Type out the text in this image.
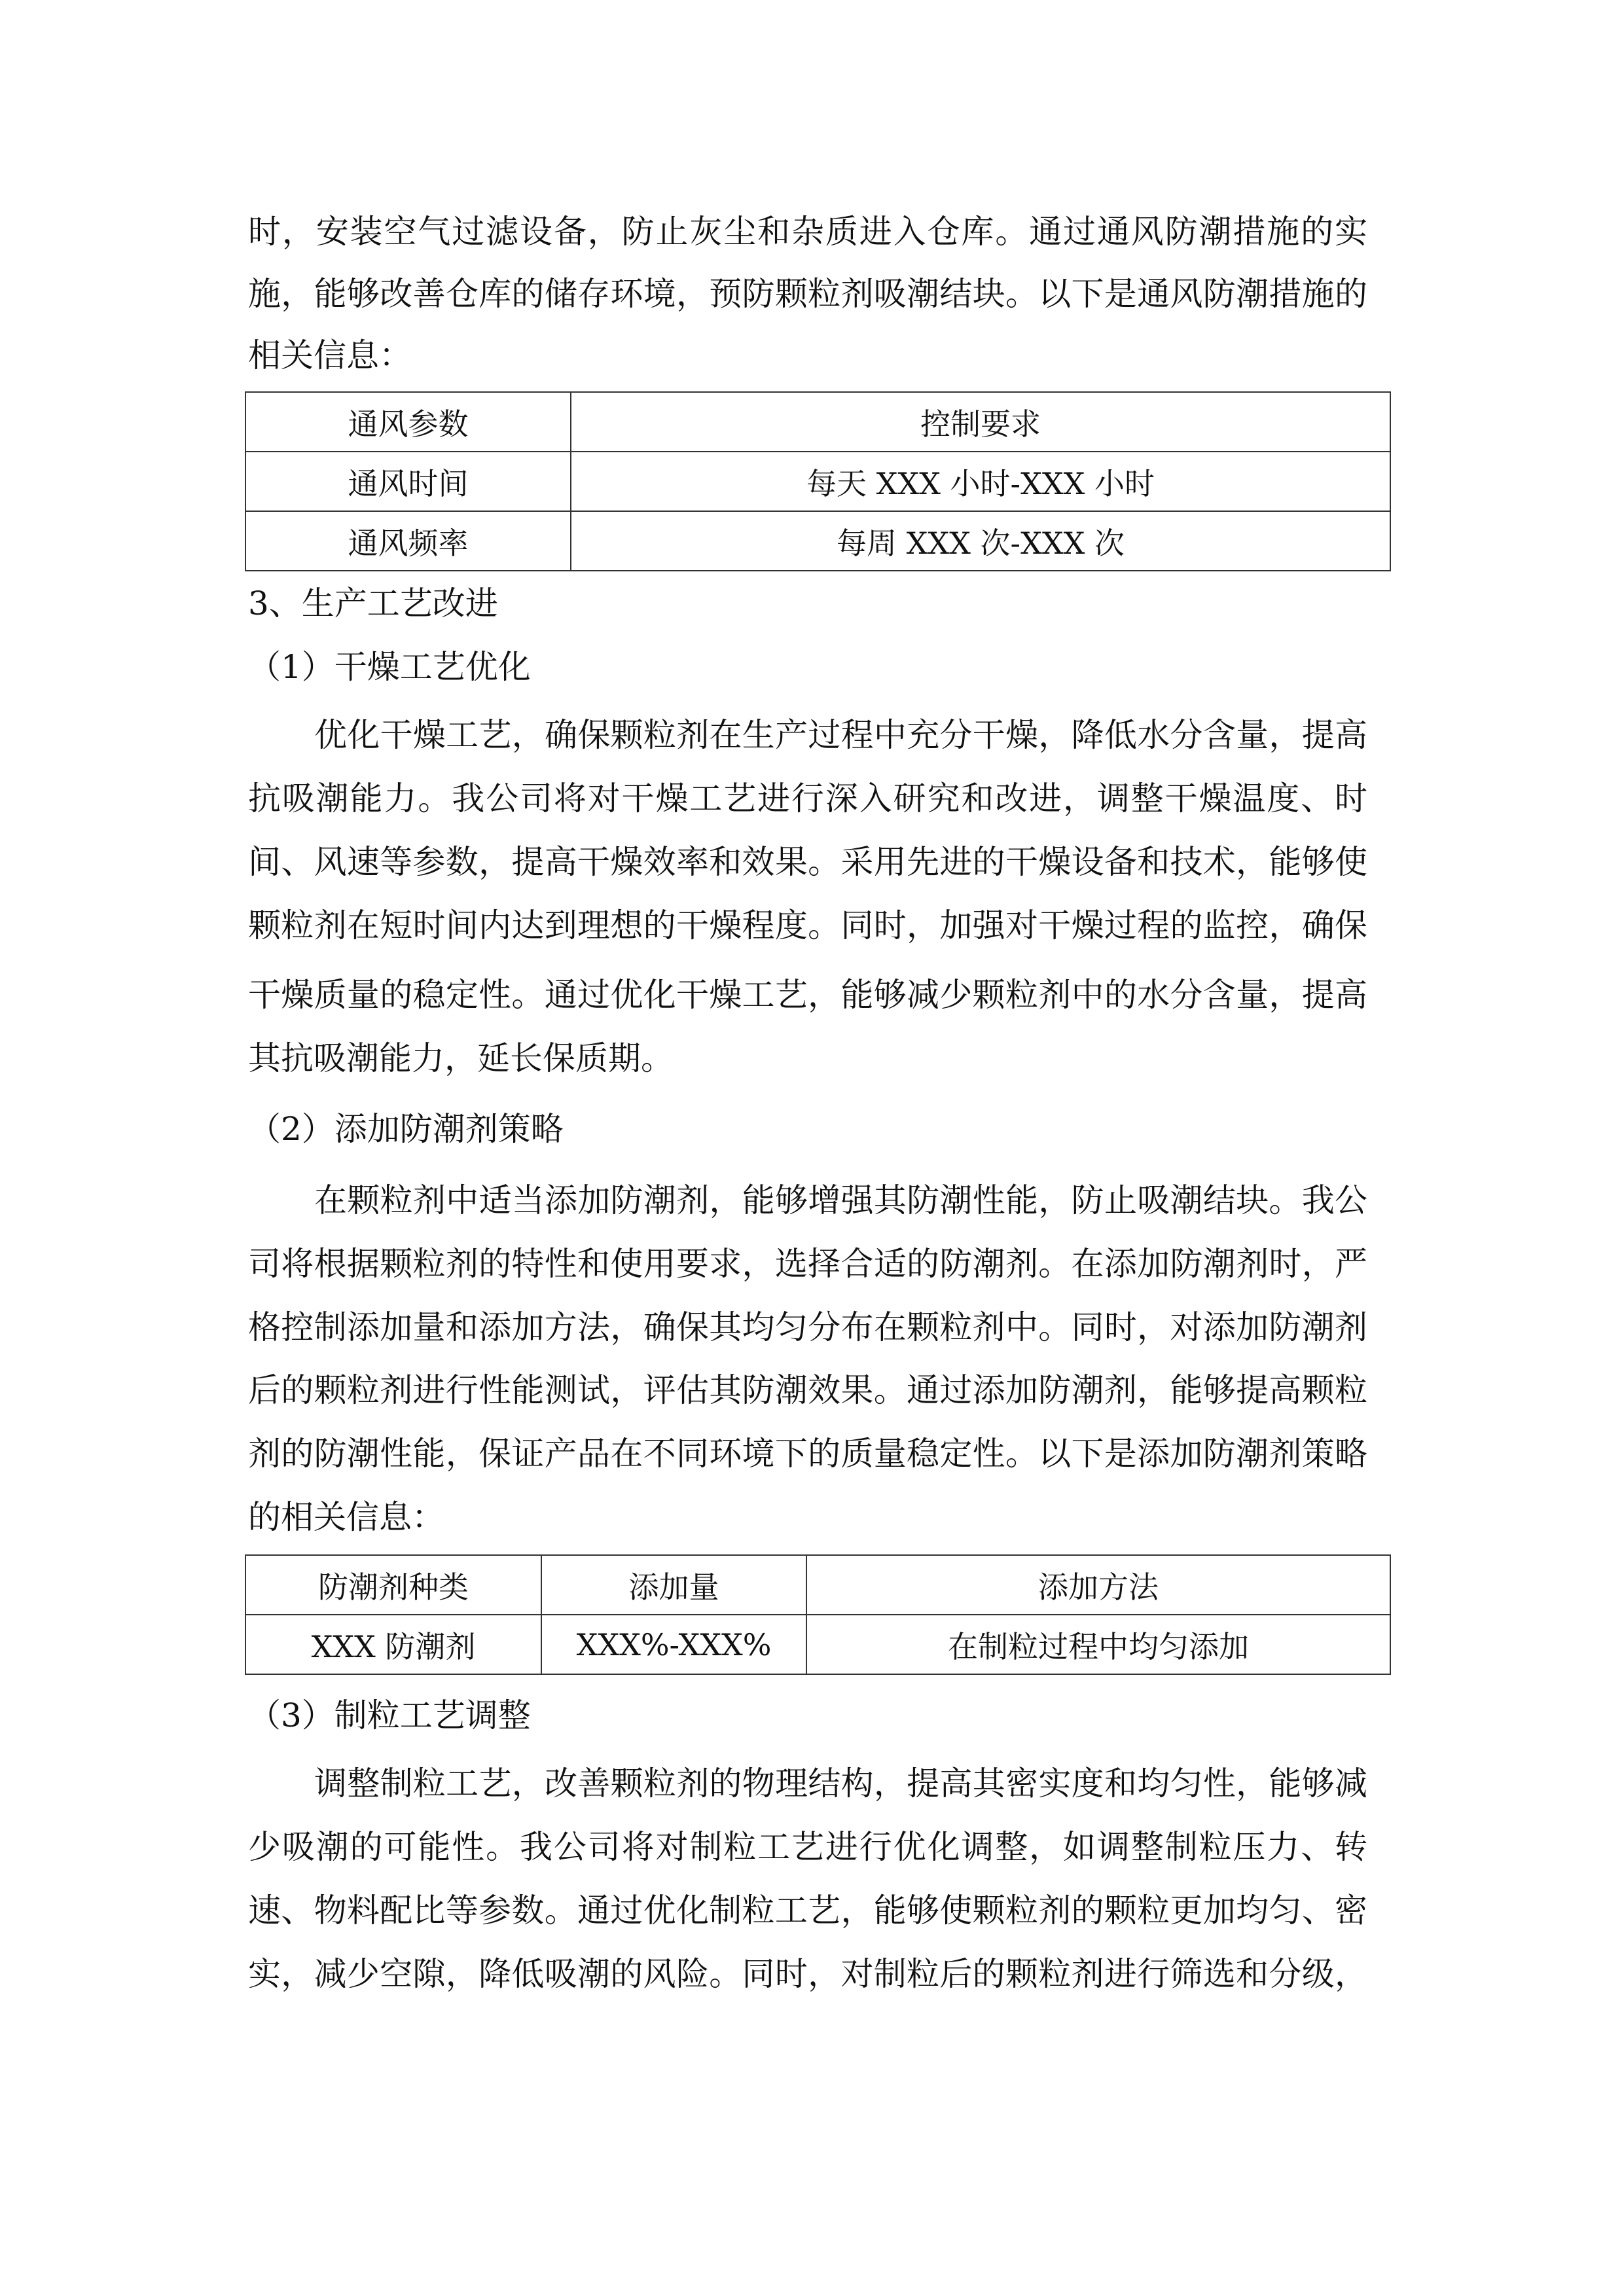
时，安装空气过滤设备，防止灰尘和杂质进入仓库。通过通风防潮措施的实
施，能够改善仓库的储存环境，预防颗粒剂吸潮结块。以下是通风防潮措施的
相关信息：
3、生产工艺改进
（1）干燥工艺优化
优化干燥工艺，确保颗粒剂在生产过程中充分干燥，降低水分含量，提高
抗吸潮能力。我公司将对干燥工艺进行深入研究和改进，调整干燥温度、时
间、风速等参数，提高干燥效率和效果。采用先进的干燥设备和技术，能够使
颗粒剂在短时间内达到理想的干燥程度。同时，加强对干燥过程的监控，确保
干燥质量的稳定性。通过优化干燥工艺，能够减少颗粒剂中的水分含量，提高
其抗吸潮能力，延长保质期。
（2）添加防潮剂策略
在颗粒剂中适当添加防潮剂，能够增强其防潮性能，防止吸潮结块。我公
司将根据颗粒剂的特性和使用要求，选择合适的防潮剂。在添加防潮剂时，严
格控制添加量和添加方法，确保其均匀分布在颗粒剂中。同时，对添加防潮剂
后的颗粒剂进行性能测试，评估其防潮效果。通过添加防潮剂，能够提高颗粒
剂的防潮性能，保证产品在不同环境下的质量稳定性。以下是添加防潮剂策略
的相关信息：
（3）制粒工艺调整
调整制粒工艺，改善颗粒剂的物理结构，提高其密实度和均匀性，能够减
少吸潮的可能性。我公司将对制粒工艺进行优化调整，如调整制粒压力、转
速、物料配比等参数。通过优化制粒工艺，能够使颗粒剂的颗粒更加均匀、密
实，减少空隙，降低吸潮的风险。同时，对制粒后的颗粒剂进行筛选和分级，
通风参数	控制要求
通风时间	每天 XXX 小时-XXX 小时
通风频率	每周 XXX 次-XXX 次
防潮剂种类	添加量	添加方法
XXX 防潮剂	XXX%-XXX%	在制粒过程中均匀添加
